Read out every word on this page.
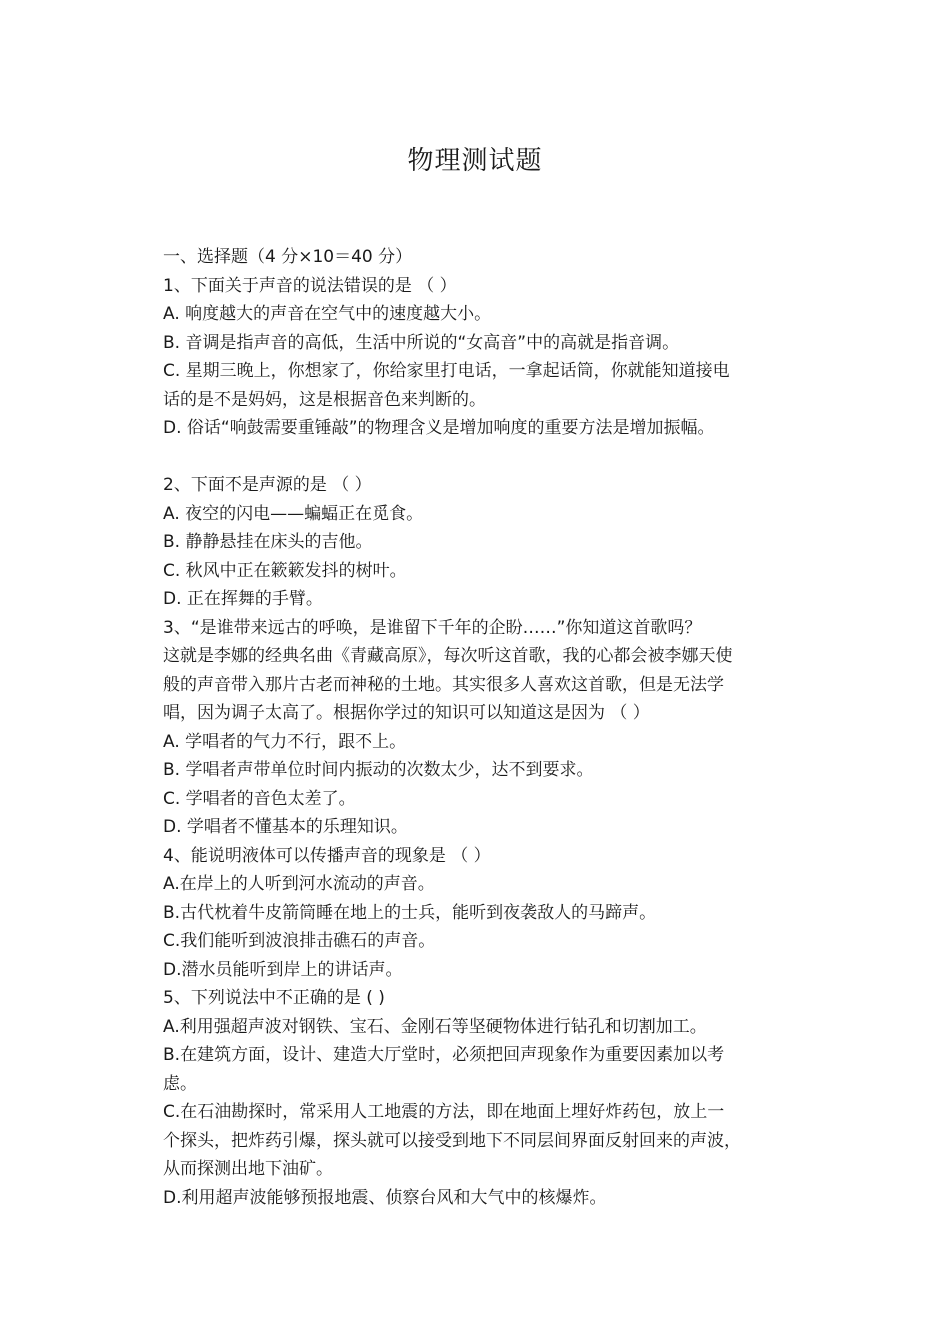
物理测试题
一、选择题（4 分×10＝40 分）
1、下面关于声音的说法错误的是 （ ）
A. 响度越大的声音在空气中的速度越大小。
B. 音调是指声音的高低，生活中所说的“女高音”中的高就是指音调。
C. 星期三晚上，你想家了，你给家里打电话，一拿起话筒，你就能知道接电
话的是不是妈妈，这是根据音色来判断的。
D. 俗话“响鼓需要重锤敲”的物理含义是增加响度的重要方法是增加振幅。
2、下面不是声源的是 （ ）
A. 夜空的闪电——蝙蝠正在觅食。
B. 静静悬挂在床头的吉他。
C. 秋风中正在簌簌发抖的树叶。
D. 正在挥舞的手臂。
3、“是谁带来远古的呼唤，是谁留下千年的企盼……”你知道这首歌吗？
这就是李娜的经典名曲《青藏高原》，每次听这首歌，我的心都会被李娜天使
般的声音带入那片古老而神秘的土地。其实很多人喜欢这首歌，但是无法学
唱，因为调子太高了。根据你学过的知识可以知道这是因为 （ ）
A. 学唱者的气力不行，跟不上。
B. 学唱者声带单位时间内振动的次数太少，达不到要求。
C. 学唱者的音色太差了。
D. 学唱者不懂基本的乐理知识。
4、能说明液体可以传播声音的现象是 （ ）
A.在岸上的人听到河水流动的声音。
B.古代枕着牛皮箭筒睡在地上的士兵，能听到夜袭敌人的马蹄声。
C.我们能听到波浪排击礁石的声音。
D.潜水员能听到岸上的讲话声。
5、下列说法中不正确的是 ( )
A.利用强超声波对钢铁、宝石、金刚石等坚硬物体进行钻孔和切割加工。
B.在建筑方面，设计、建造大厅堂时，必须把回声现象作为重要因素加以考
虑。
C.在石油勘探时，常采用人工地震的方法，即在地面上埋好炸药包，放上一
个探头，把炸药引爆，探头就可以接受到地下不同层间界面反射回来的声波，
从而探测出地下油矿。
D.利用超声波能够预报地震、侦察台风和大气中的核爆炸。
